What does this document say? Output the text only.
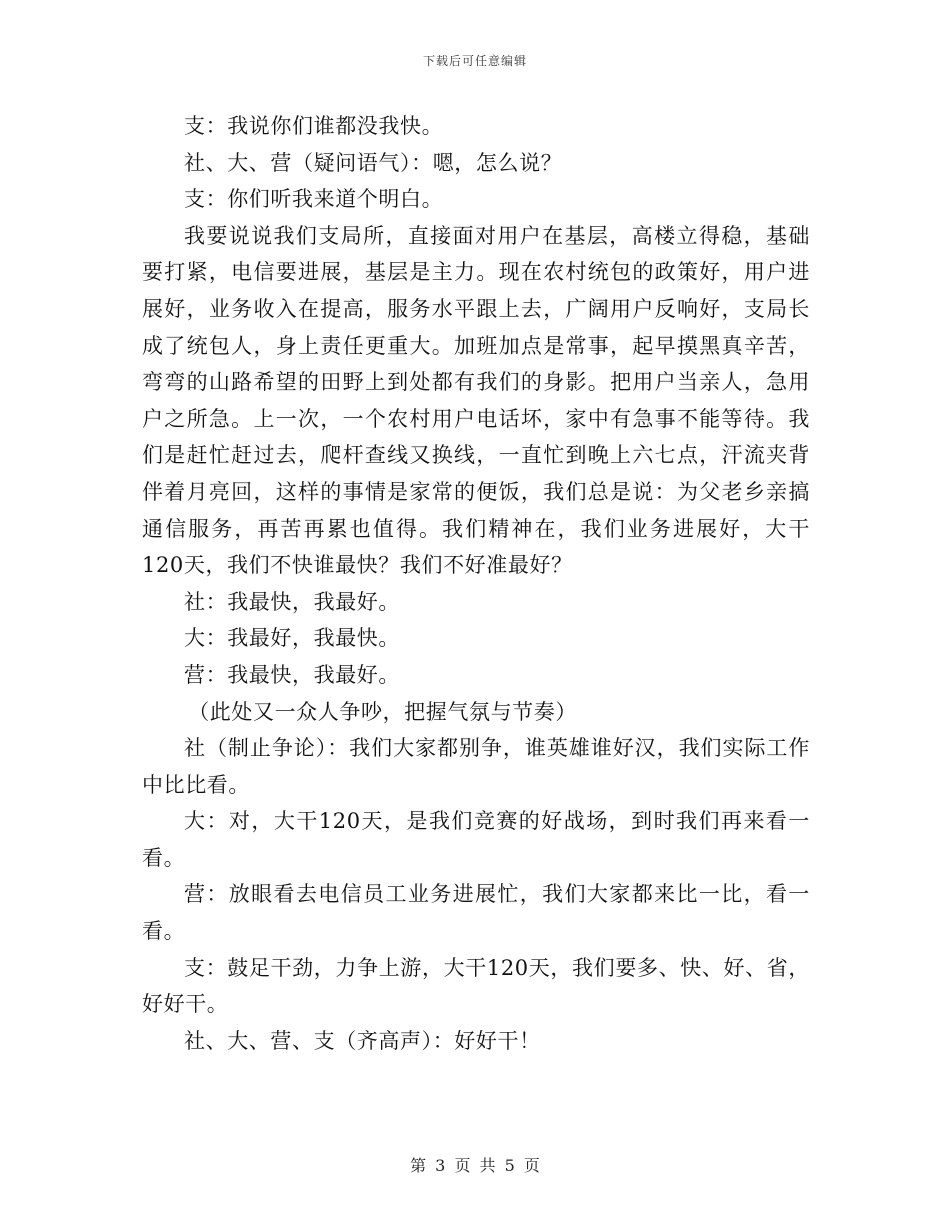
下载后可任意编辑

支：我说你们谁都没我快。

社、大、营（疑问语气）：嗯，怎么说？

支：你们听我来道个明白。

我要说说我们支局所，直接面对用户在基层，高楼立得稳，基础要打紧，电信要进展，基层是主力。现在农村统包的政策好，用户进展好，业务收入在提高，服务水平跟上去，广阔用户反响好，支局长成了统包人，身上责任更重大。加班加点是常事，起早摸黑真辛苦，弯弯的山路希望的田野上到处都有我们的身影。把用户当亲人，急用户之所急。上一次，一个农村用户电话坏，家中有急事不能等待。我们是赶忙赶过去，爬杆查线又换线，一直忙到晚上六七点，汗流夹背伴着月亮回，这样的事情是家常的便饭，我们总是说：为父老乡亲搞通信服务，再苦再累也值得。我们精神在，我们业务进展好，大干120天，我们不快谁最快？我们不好准最好？

社：我最快，我最好。

大：我最好，我最快。

营：我最快，我最好。

（此处又一众人争吵，把握气氛与节奏）

社（制止争论）：我们大家都别争，谁英雄谁好汉，我们实际工作中比比看。

大：对，大干120天，是我们竞赛的好战场，到时我们再来看一看。

营：放眼看去电信员工业务进展忙，我们大家都来比一比，看一看。

支：鼓足干劲，力争上游，大干120天，我们要多、快、好、省，好好干。

社、大、营、支（齐高声）：好好干！

第 3 页 共 5 页
